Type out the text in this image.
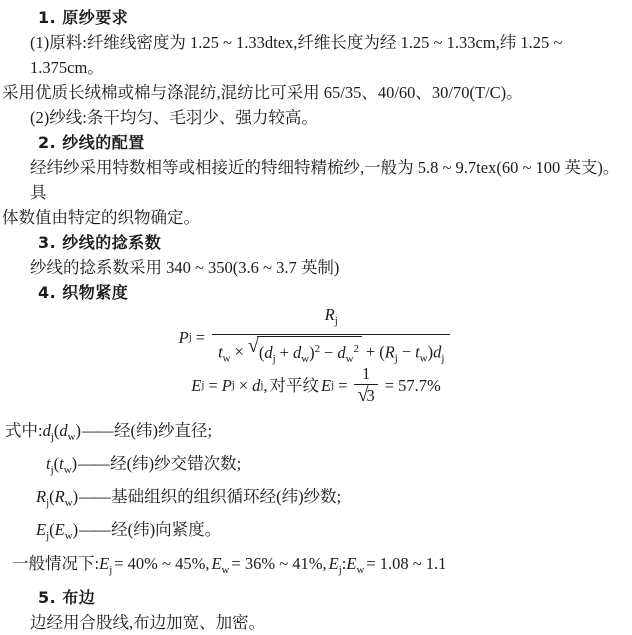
1. 原纱要求
(1)原料:纤维线密度为 1.25 ~ 1.33dtex,纤维长度为经 1.25 ~ 1.33cm,纬 1.25 ~ 1.375cm。
采用优质长绒棉或棉与涤混纺,混纺比可采用 65/35、40/60、30/70(T/C)。
(2)纱线:条干均匀、毛羽少、强力较高。
2. 纱线的配置
经纬纱采用特数相等或相接近的特细特精梳纱,一般为 5.8 ~ 9.7tex(60 ~ 100 英支)。具
体数值由特定的织物确定。
3. 纱线的捻系数
纱线的捻系数采用 340 ~ 350(3.6 ~ 3.7 英制)
4. 织物紧度
P $j = \frac{R_j}{t_w \times √ (d_j + d_w)^2 - d_w^2 + (R_j - t_w)d_j}$
E j = P j × d j , 对平纹 E $j = \frac{1}{√3} = 57.7\%$
式中$:d_j(d_w)——$ 经(纬)纱直径;
$t_j(t_w)——$ 经(纬)纱交错次数;
$R_j(R_w)——$ 基础组织的组织循环经(纬)纱数;
$E_j(E_w)——$ 经(纬)向紧度。
一般情况下$:E_j = 40\%$ ~ 45%, $E_w = 36\%$ ~ 41%, $E_j:E_w = 1.08$ ~ 1.1
5. 布边
边经用合股线,布边加宽、加密。
